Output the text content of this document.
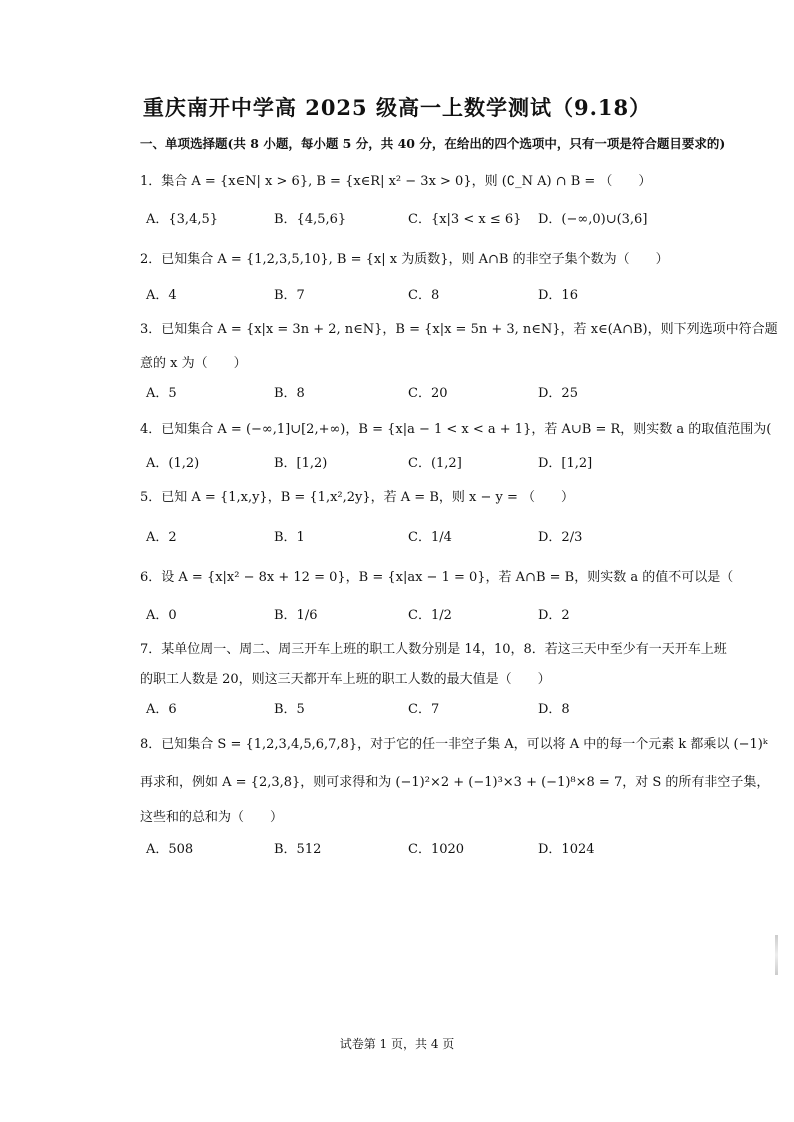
重庆南开中学高 2025 级高一上数学测试（9.18）
一、单项选择题(共 8 小题，每小题 5 分，共 40 分，在给出的四个选项中，只有一项是符合题目要求的)
1．集合 A = {x∈N| x > 6}, B = {x∈R| x² − 3x > 0}，则 (∁_N A) ∩ B = （　　）
A．{3,4,5}	B．{4,5,6}	C．{x|3 < x ≤ 6} D．(−∞,0)∪(3,6]
2．已知集合 A = {1,2,3,5,10}, B = {x| x 为质数}，则 A∩B 的非空子集个数为（　　）
A．4	B．7	C．8	D．16
3．已知集合 A = {x|x = 3n + 2, n∈N}，B = {x|x = 5n + 3, n∈N}，若 x∈(A∩B)，则下列选项中符合题
意的 x 为（　　）
A．5	B．8	C．20	D．25
4．已知集合 A = (−∞,1]∪[2,+∞)，B = {x|a − 1 < x < a + 1}，若 A∪B = R，则实数 a 的取值范围为(
A．(1,2)	B．[1,2)	C．(1,2]	D．[1,2]
5．已知 A = {1,x,y}，B = {1,x²,2y}，若 A = B，则 x − y = （　　）
A．2	B．1	C．1/4	D．2/3
6．设 A = {x|x² − 8x + 12 = 0}，B = {x|ax − 1 = 0}，若 A∩B = B，则实数 a 的值不可以是（
A．0	B．1/6	C．1/2	D．2
7．某单位周一、周二、周三开车上班的职工人数分别是 14，10，8．若这三天中至少有一天开车上班
的职工人数是 20，则这三天都开车上班的职工人数的最大值是（　　）
A．6	B．5	C．7	D．8
8．已知集合 S = {1,2,3,4,5,6,7,8}，对于它的任一非空子集 A，可以将 A 中的每一个元素 k 都乘以 (−1)ᵏ
再求和，例如 A = {2,3,8}，则可求得和为 (−1)²×2 + (−1)³×3 + (−1)⁸×8 = 7，对 S 的所有非空子集，
这些和的总和为（　　）
A．508	B．512	C．1020	D．1024
试卷第 1 页，共 4 页
